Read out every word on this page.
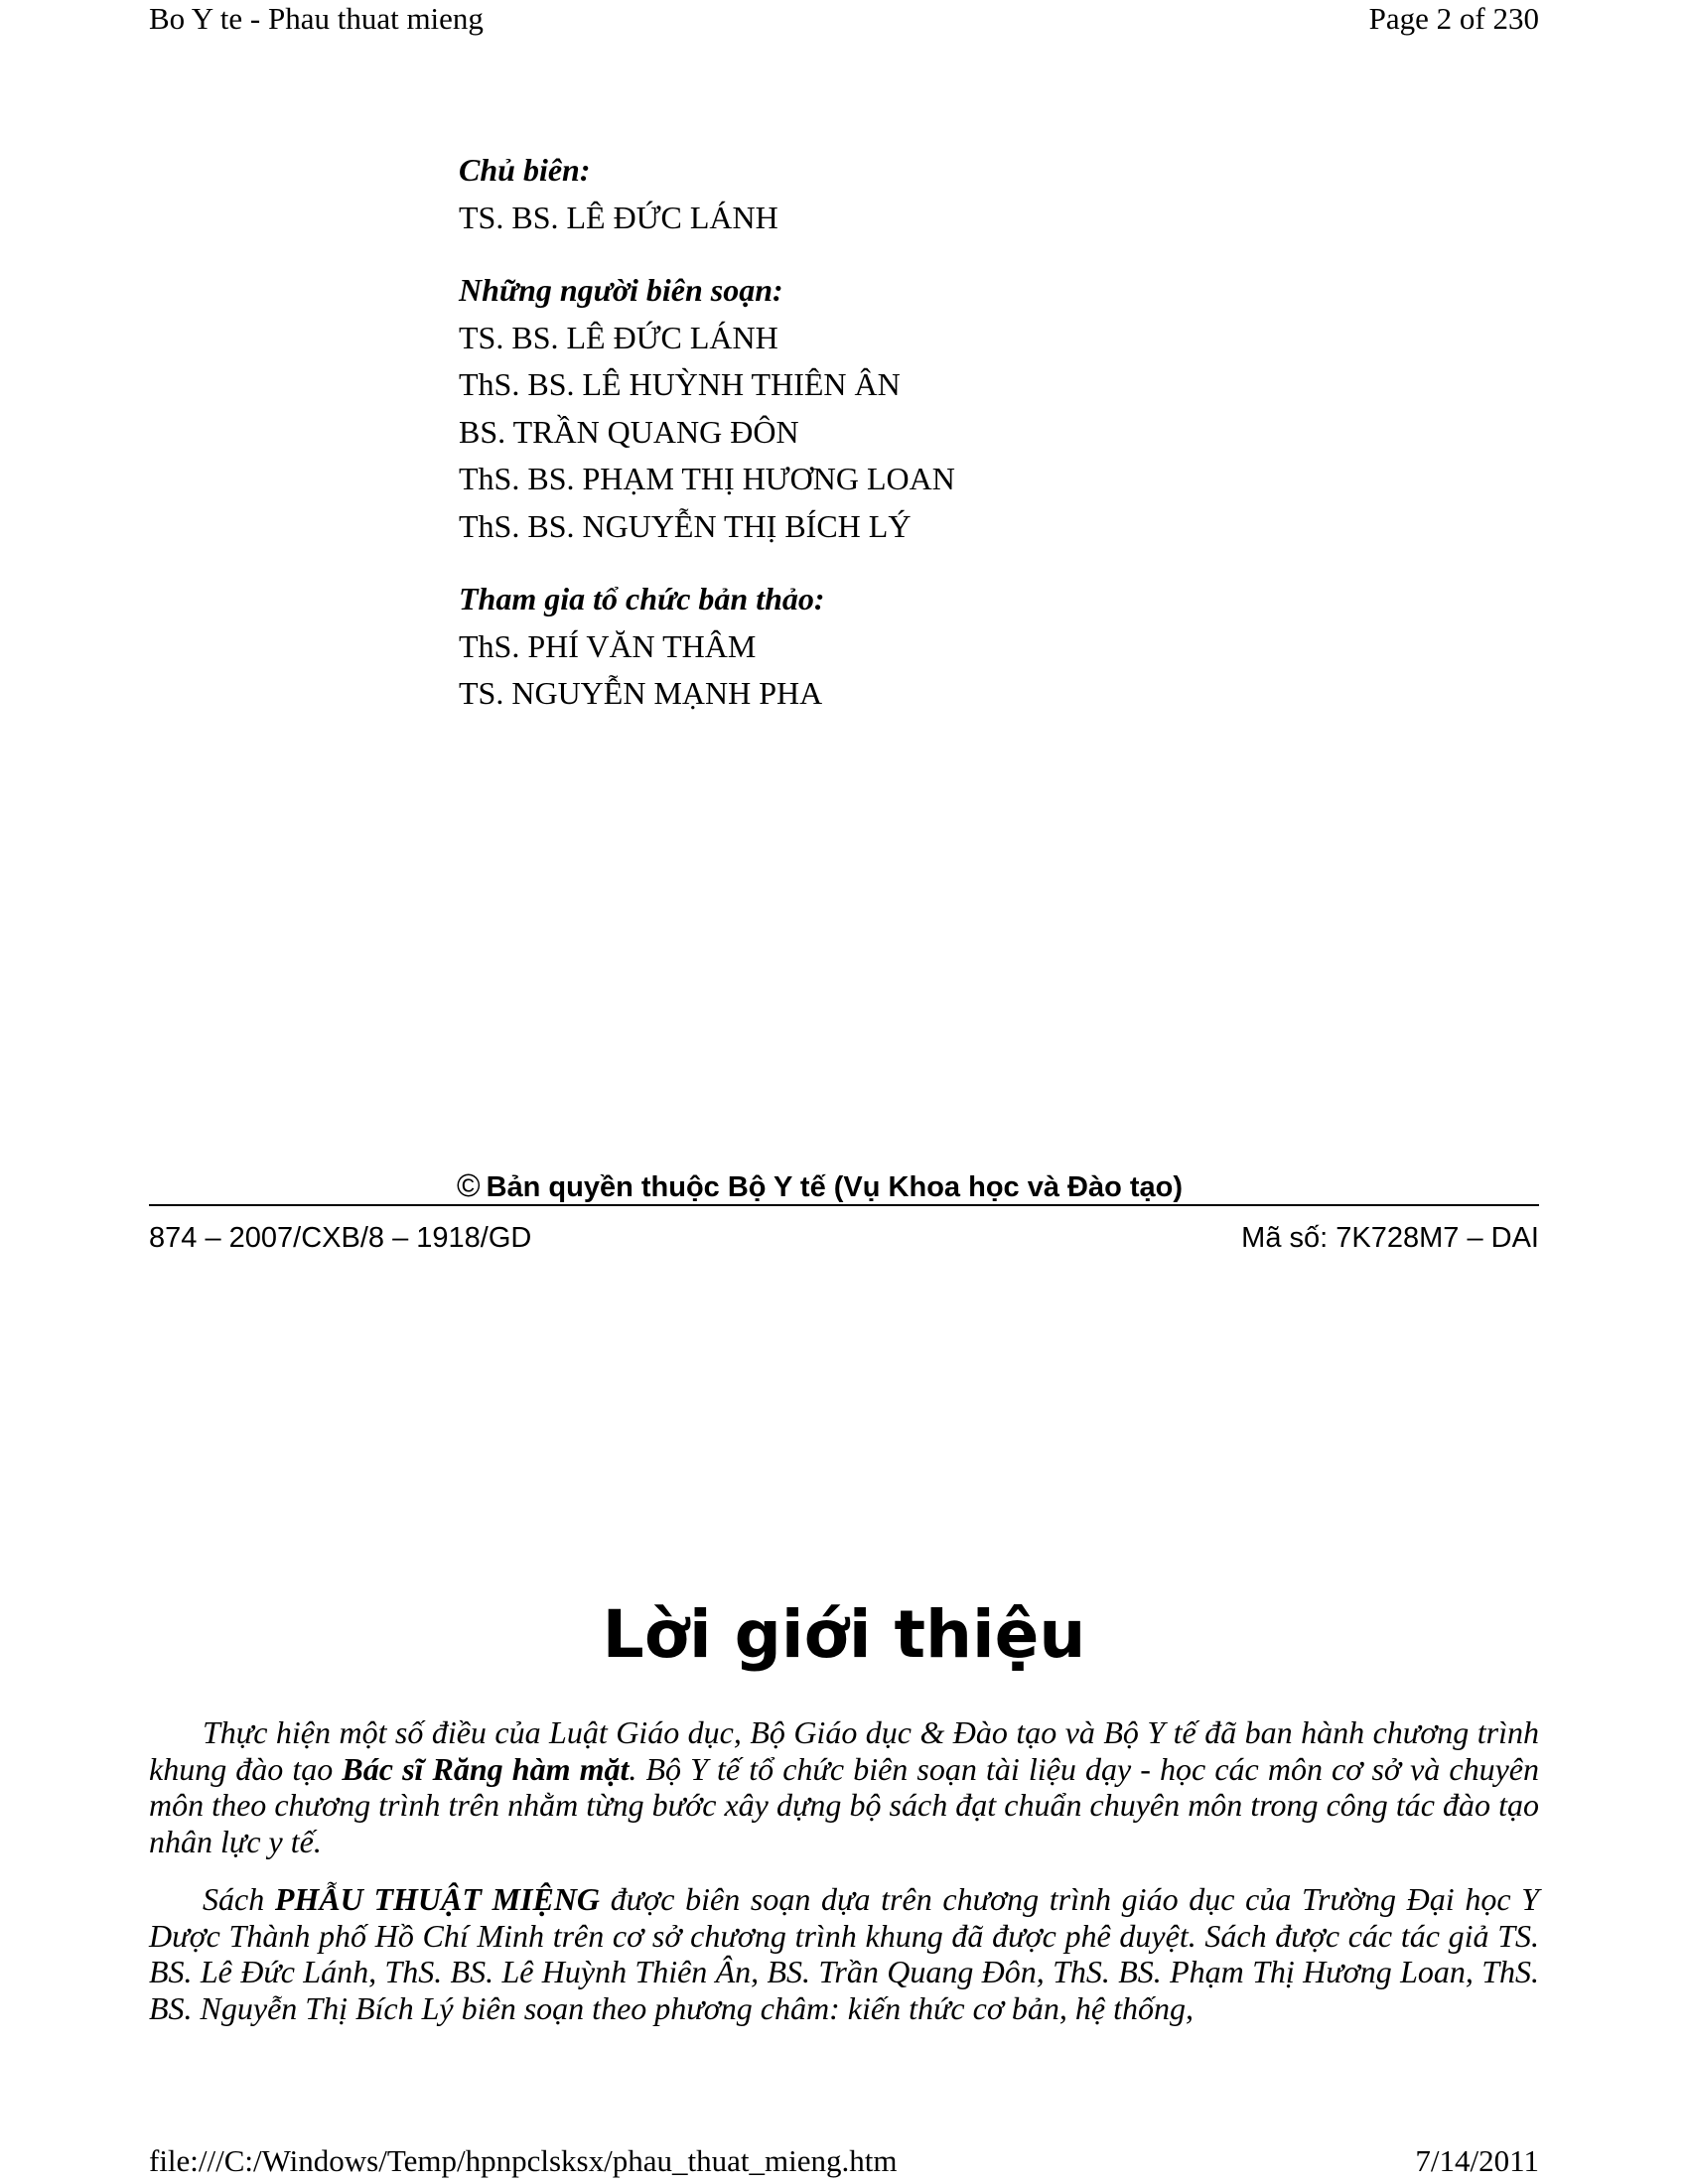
Bo Y te - Phau thuat mieng	Page 2 of 230
Chủ biên:
TS. BS. LÊ ĐỨC LÁNH
Những người biên soạn:
TS. BS. LÊ ĐỨC LÁNH
ThS. BS. LÊ HUỲNH THIÊN ÂN
BS. TRẦN QUANG ĐÔN
ThS. BS. PHẠM THỊ HƯƠNG LOAN
ThS. BS. NGUYỄN THỊ BÍCH LÝ
Tham gia tổ chức bản thảo:
ThS. PHÍ VĂN THÂM
TS. NGUYỄN MẠNH PHA
© Bản quyền thuộc Bộ Y tế (Vụ Khoa học và Đào tạo)
874 – 2007/CXB/8 – 1918/GD	Mã số: 7K728M7 – DAI
Lời giới thiệu

Thực hiện một số điều của Luật Giáo dục, Bộ Giáo dục & Đào tạo và Bộ Y tế đã ban hành chương trình khung đào tạo Bác sĩ Răng hàm mặt. Bộ Y tế tổ chức biên soạn tài liệu dạy - học các môn cơ sở và chuyên môn theo chương trình trên nhằm từng bước xây dựng bộ sách đạt chuẩn chuyên môn trong công tác đào tạo nhân lực y tế.

Sách PHẪU THUẬT MIỆNG được biên soạn dựa trên chương trình giáo dục của Trường Đại học Y Dược Thành phố Hồ Chí Minh trên cơ sở chương trình khung đã được phê duyệt. Sách được các tác giả TS. BS. Lê Đức Lánh, ThS. BS. Lê Huỳnh Thiên Ân, BS. Trần Quang Đôn, ThS. BS. Phạm Thị Hương Loan, ThS. BS. Nguyễn Thị Bích Lý biên soạn theo phương châm: kiến thức cơ bản, hệ thống,

file:///C:/Windows/Temp/hpnpclsksx/phau_thuat_mieng.htm	7/14/2011
